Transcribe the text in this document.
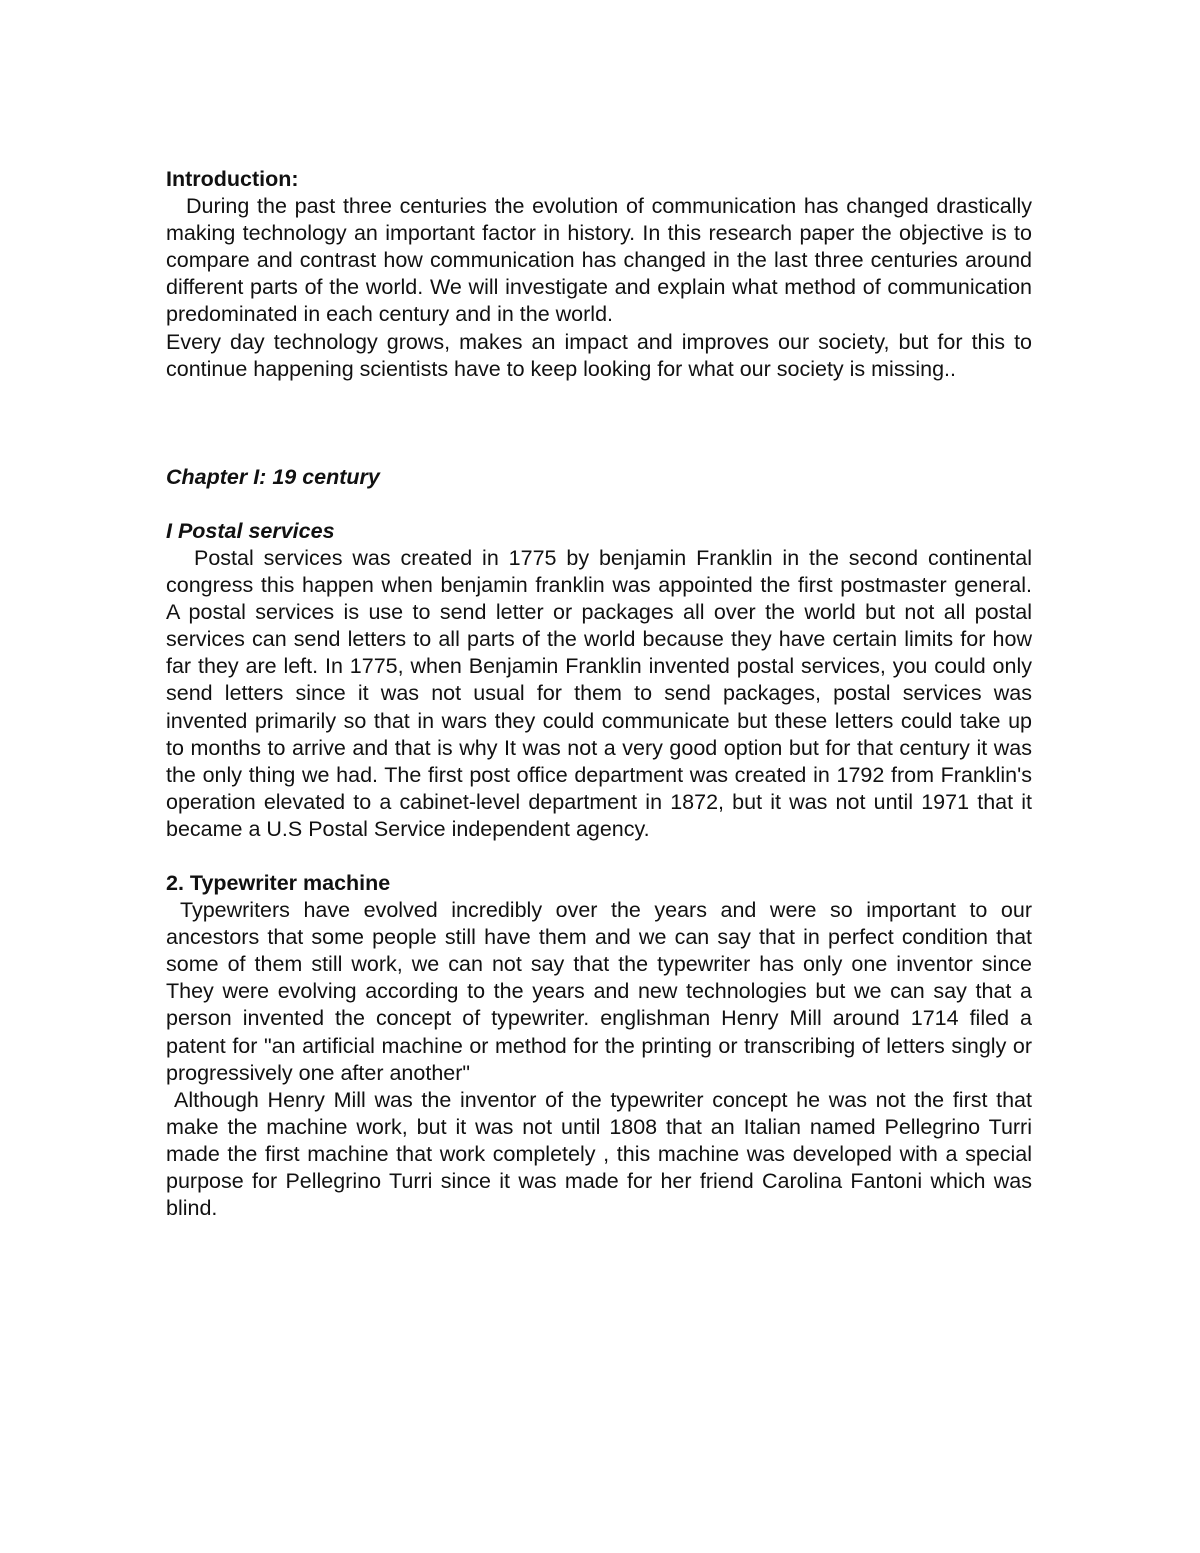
Introduction:

During the past three centuries the evolution of communication has changed drastically making technology an important factor in history. In this research paper the objective is to compare and contrast how communication has changed in the last three centuries around different parts of the world. We will investigate and explain what method of communication predominated in each century and in the world.

Every day technology grows, makes an impact and improves our society, but for this to continue happening scientists have to keep looking for what our society is missing..

Chapter I: 19 century
I Postal services

Postal services was created in 1775 by benjamin Franklin in the second continental congress this happen when benjamin franklin was appointed the first postmaster general. A postal services is use to send letter or packages all over the world but not all postal services can send letters to all parts of the world because they have certain limits for how far they are left. In 1775, when Benjamin Franklin invented postal services, you could only send letters since it was not usual for them to send packages, postal services was invented primarily so that in wars they could communicate but these letters could take up to months to arrive and that is why It was not a very good option but for that century it was the only thing we had. The first post office department was created in 1792 from Franklin's operation elevated to a cabinet-level department in 1872, but it was not until 1971 that it became a U.S Postal Service independent agency.

2. Typewriter machine

Typewriters have evolved incredibly over the years and were so important to our ancestors that some people still have them and we can say that in perfect condition that some of them still work, we can not say that the typewriter has only one inventor since They were evolving according to the years and new technologies but we can say that a person invented the concept of typewriter. englishman Henry Mill around 1714 filed a patent for "an artificial machine or method for the printing or transcribing of letters singly or progressively one after another"

Although Henry Mill was the inventor of the typewriter concept he was not the first that make the machine work, but it was not until 1808 that an Italian named Pellegrino Turri made the first machine that work completely , this machine was developed with a special purpose for Pellegrino Turri since it was made for her friend Carolina Fantoni which was blind.
